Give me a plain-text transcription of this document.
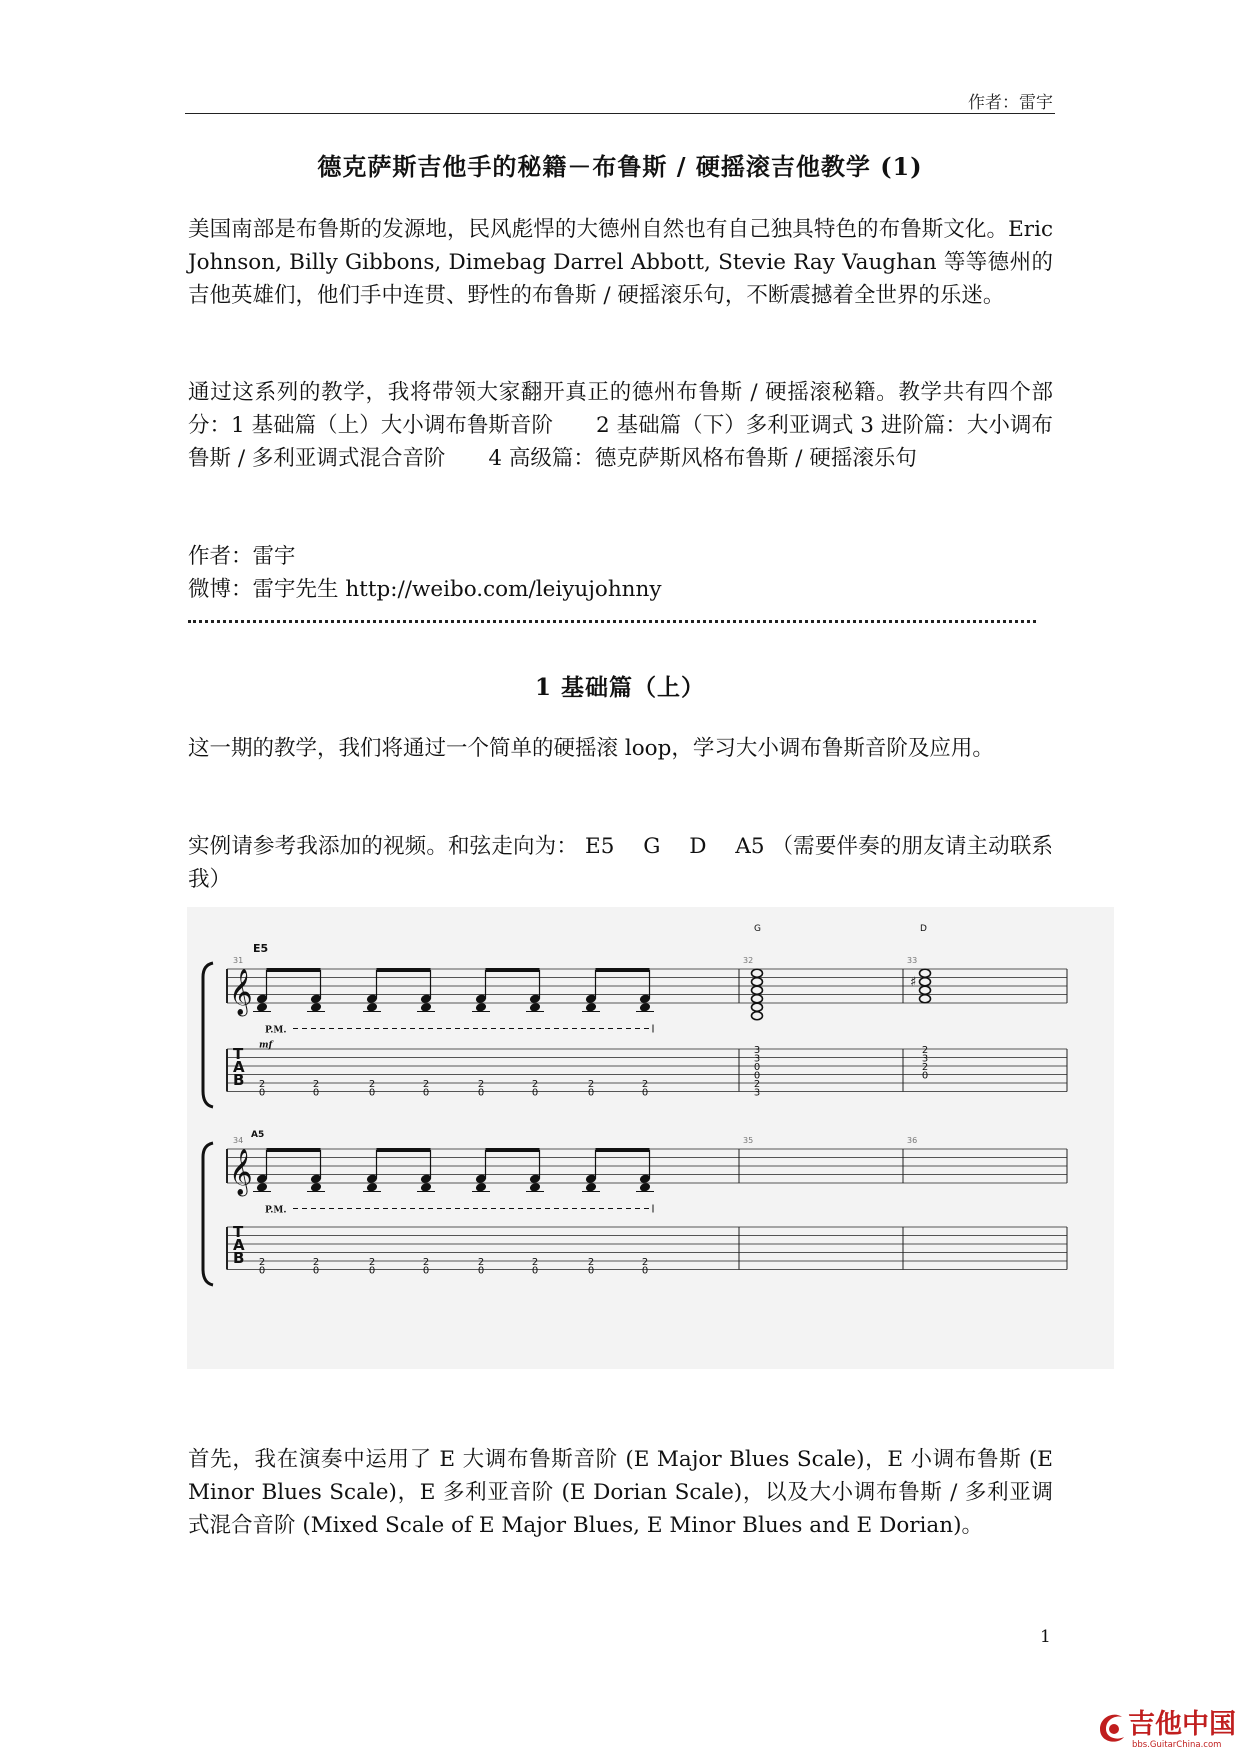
作者：雷宇
德克萨斯吉他手的秘籍－布鲁斯 / 硬摇滚吉他教学 (1)
美国南部是布鲁斯的发源地，民风彪悍的大德州自然也有自己独具特色的布鲁斯文化。Eric Johnson, Billy Gibbons, Dimebag Darrel Abbott, Stevie Ray Vaughan 等等德州的吉他英雄们，他们手中连贯、野性的布鲁斯 / 硬摇滚乐句，不断震撼着全世界的乐迷。
通过这系列的教学，我将带领大家翻开真正的德州布鲁斯 / 硬摇滚秘籍。教学共有四个部分：1 基础篇（上）大小调布鲁斯音阶　　2 基础篇（下）多利亚调式 3 进阶篇：大小调布鲁斯 / 多利亚调式混合音阶　　4 高级篇：德克萨斯风格布鲁斯 / 硬摇滚乐句
作者：雷宇
微博：雷宇先生 http://weibo.com/leiyujohnny
1 基础篇（上）
这一期的教学，我们将通过一个简单的硬摇滚 loop，学习大小调布鲁斯音阶及应用。
实例请参考我添加的视频。和弦走向为： E5　 G　 D　 A5 （需要伴奏的朋友请主动联系我）
E5
G	D
𝄞
T
A
B
31	32	33
2
0
2
0
2
0
2
0
2
0
2
0
2
0
2
0
P.M.
mf	3
3
0
0
2
3
♯
2
3
2
0
A5
𝄞
T
A
B
34	35	36
2
0
2
0
2
0
2
0
2
0
2
0
2
0
2
0
P.M.
首先，我在演奏中运用了 E 大调布鲁斯音阶 (E Major Blues Scale)，E 小调布鲁斯 (E Minor Blues Scale)，E 多利亚音阶 (E Dorian Scale)，以及大小调布鲁斯 / 多利亚调式混合音阶 (Mixed Scale of E Major Blues, E Minor Blues and E Dorian)。
1
吉他中国
bbs.GuitarChina.com
